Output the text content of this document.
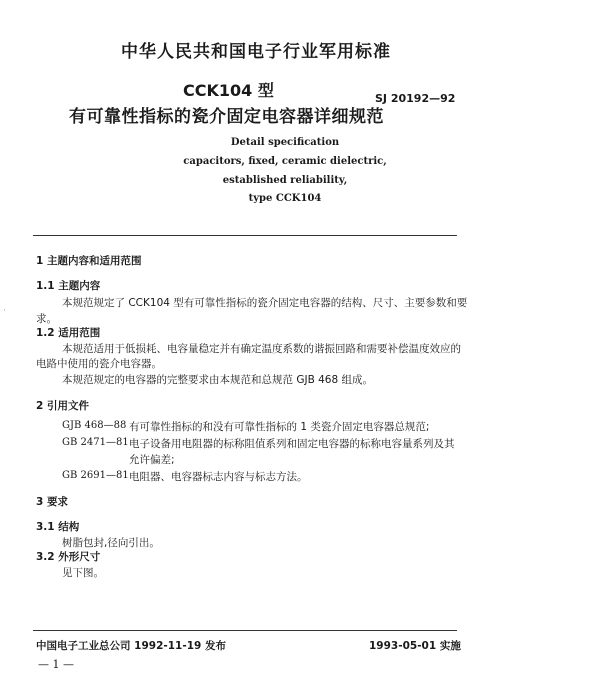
中华人民共和国电子行业军用标准
CCK104 型	SJ 20192—92
有可靠性指标的瓷介固定电容器详细规范
Detail specification
capacitors, fixed, ceramic dielectric,
established reliability,
type CCK104
1 主题内容和适用范围
1.1 主题内容
本规范规定了 CCK104 型有可靠性指标的瓷介固定电容器的结构、尺寸、主要参数和要
求。
1.2 适用范围
本规范适用于低损耗、电容量稳定并有确定温度系数的谐振回路和需要补偿温度效应的
电路中使用的瓷介电容器。
本规范规定的电容器的完整要求由本规范和总规范 GJB 468 组成。
2 引用文件
GJB 468—88 有可靠性指标的和没有可靠性指标的 1 类瓷介固定电容器总规范;
GB 2471—81 电子设备用电阻器的标称阻值系列和固定电容器的标称电容量系列及其
允许偏差;
GB 2691—81 电阻器、电容器标志内容与标志方法。
3 要求
3.1 结构
树脂包封,径向引出。
3.2 外形尺寸
见下图。
中国电子工业总公司 1992-11-19 发布	1993-05-01 实施
— 1 —
·
